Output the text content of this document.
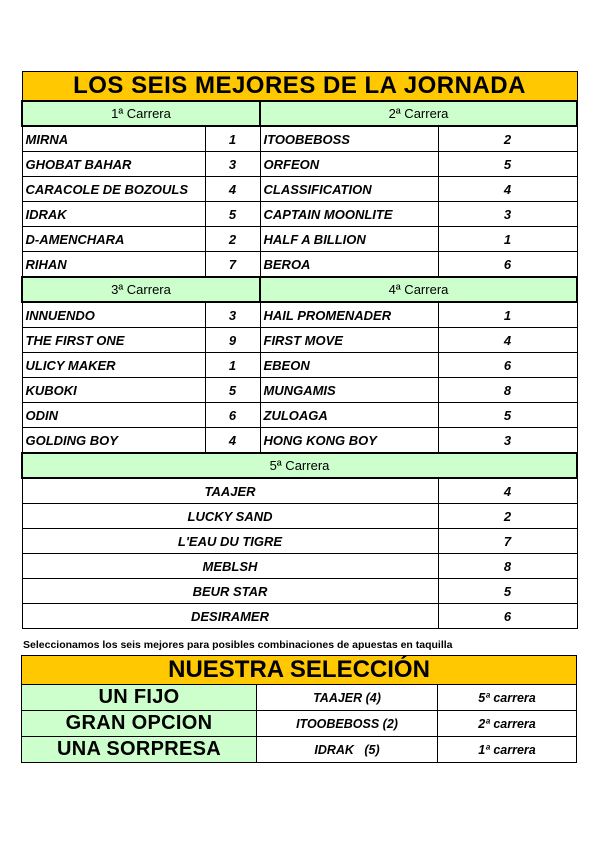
LOS SEIS MEJORES DE LA JORNADA			
1ª Carrera		2ª Carrera	
MIRNA	1	ITOOBEBOSS	2
GHOBAT BAHAR	3	ORFEON	5
CARACOLE DE BOZOULS	4	CLASSIFICATION	4
IDRAK	5	CAPTAIN MOONLITE	3
D-AMENCHARA	2	HALF A BILLION	1
RIHAN	7	BEROA	6
3ª Carrera		4ª Carrera	
INNUENDO	3	HAIL PROMENADER	1
THE FIRST ONE	9	FIRST MOVE	4
ULICY MAKER	1	EBEON	6
KUBOKI	5	MUNGAMIS	8
ODIN	6	ZULOAGA	5
GOLDING BOY	4	HONG KONG BOY	3
5ª Carrera			
TAAJER			4
LUCKY SAND			2
L'EAU DU TIGRE			7
MEBLSH			8
BEUR STAR			5
DESIRAMER			6
Seleccionamos los seis mejores para posibles combinaciones de apuestas en taquilla
NUESTRA SELECCIÓN		
UN FIJO	TAAJER (4)	5ª carrera
GRAN OPCION	ITOOBEBOSS (2)	2ª carrera
UNA SORPRESA	IDRAK   (5)	1ª carrera
